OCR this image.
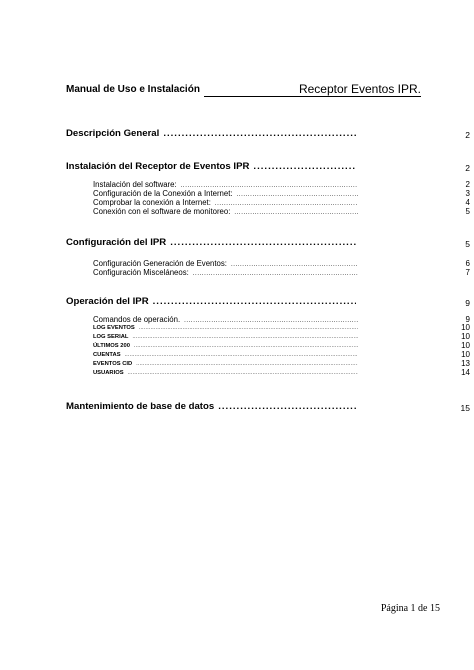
Manual de Uso e Instalación	Receptor Eventos IPR.
Descripción General .....	2
Instalación del Receptor de Eventos IPR .....	2
Instalación del software: .....	2
Configuración de la Conexión a Internet: .....	3
Comprobar la conexión a Internet: .....	4
Conexión con el software de monitoreo: .....	5
Configuración del IPR .....	5
Configuración Generación de Eventos: .....	6
Configuración Misceláneos: .....	7
Operación del IPR .....	9
Comandos de operación. .....	9
LOG EVENTOS .....	10
LOG SERIAL .....	10
ÚLTIMOS 200 .....	10
CUENTAS .....	10
EVENTOS CID .....	13
USUARIOS .....	14
Mantenimiento de base de datos .....	15
Página 1 de 15
